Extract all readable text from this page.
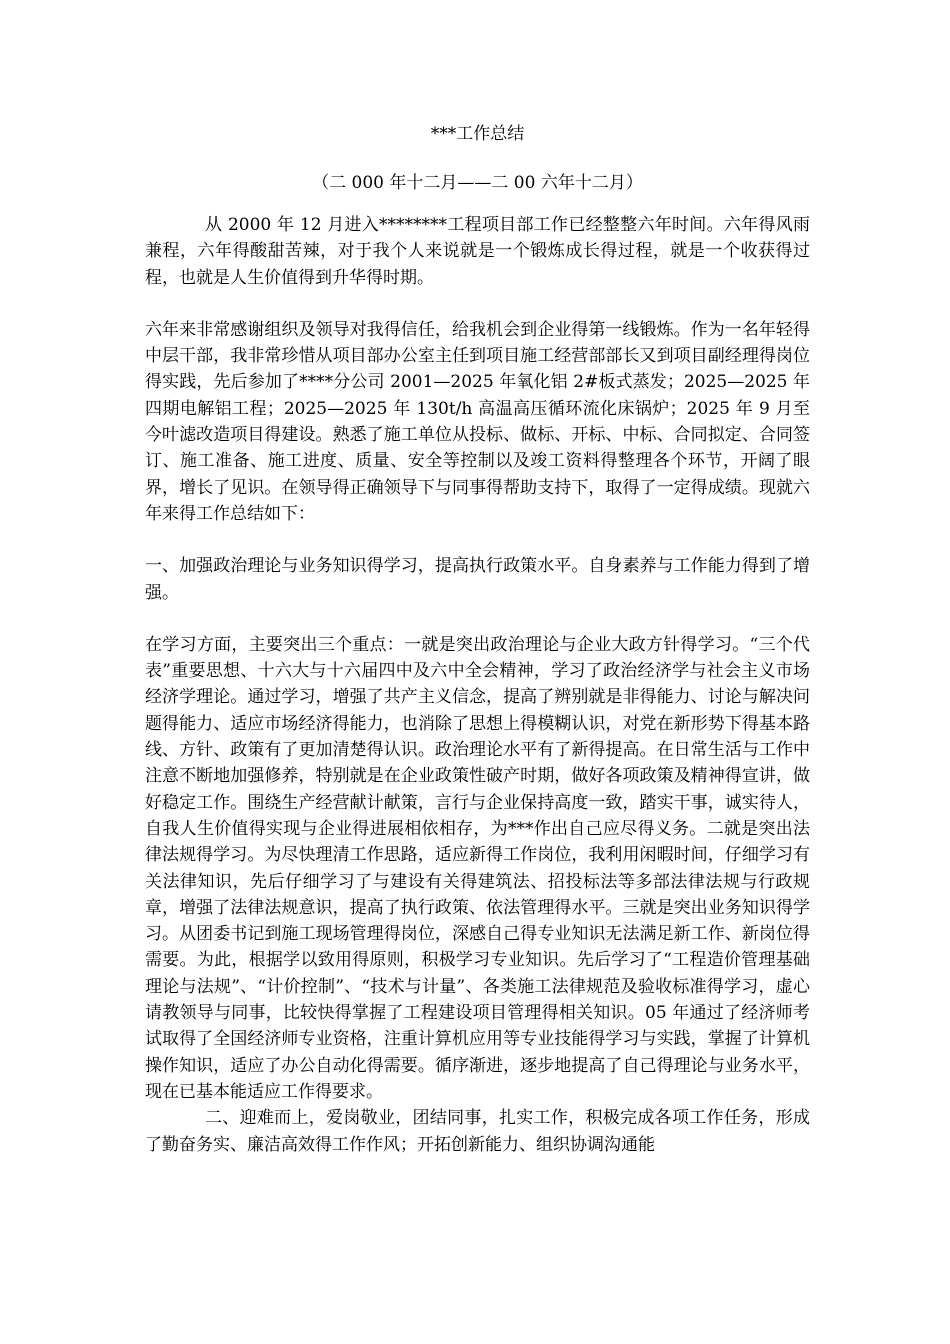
***工作总结
（二 000 年十二月——二 00 六年十二月）

从 2000 年 12 月进入********工程项目部工作已经整整六年时间。六年得风雨兼程，六年得酸甜苦辣，对于我个人来说就是一个锻炼成长得过程，就是一个收获得过程，也就是人生价值得到升华得时期。

六年来非常感谢组织及领导对我得信任，给我机会到企业得第一线锻炼。作为一名年轻得中层干部，我非常珍惜从项目部办公室主任到项目施工经营部部长又到项目副经理得岗位得实践，先后参加了****分公司 2001—2025 年氧化铝 2#板式蒸发；2025—2025 年四期电解铝工程；2025—2025 年 130t/h 高温高压循环流化床锅炉；2025 年 9 月至今叶滤改造项目得建设。熟悉了施工单位从投标、做标、开标、中标、合同拟定、合同签订、施工准备、施工进度、质量、安全等控制以及竣工资料得整理各个环节，开阔了眼界，增长了见识。在领导得正确领导下与同事得帮助支持下，取得了一定得成绩。现就六年来得工作总结如下：

一、加强政治理论与业务知识得学习，提高执行政策水平。自身素养与工作能力得到了增强。

在学习方面，主要突出三个重点：一就是突出政治理论与企业大政方针得学习。“三个代表”重要思想、十六大与十六届四中及六中全会精神，学习了政治经济学与社会主义市场经济学理论。通过学习，增强了共产主义信念，提高了辨别就是非得能力、讨论与解决问题得能力、适应市场经济得能力，也消除了思想上得模糊认识，对党在新形势下得基本路线、方针、政策有了更加清楚得认识。政治理论水平有了新得提高。在日常生活与工作中注意不断地加强修养，特别就是在企业政策性破产时期，做好各项政策及精神得宣讲，做好稳定工作。围绕生产经营献计献策，言行与企业保持高度一致，踏实干事，诚实待人，自我人生价值得实现与企业得进展相依相存，为***作出自己应尽得义务。二就是突出法律法规得学习。为尽快理清工作思路，适应新得工作岗位，我利用闲暇时间，仔细学习有关法律知识，先后仔细学习了与建设有关得建筑法、招投标法等多部法律法规与行政规章，增强了法律法规意识，提高了执行政策、依法管理得水平。三就是突出业务知识得学习。从团委书记到施工现场管理得岗位，深感自己得专业知识无法满足新工作、新岗位得需要。为此，根据学以致用得原则，积极学习专业知识。先后学习了“工程造价管理基础理论与法规”、“计价控制”、“技术与计量”、各类施工法律规范及验收标准得学习，虚心请教领导与同事，比较快得掌握了工程建设项目管理得相关知识。05 年通过了经济师考试取得了全国经济师专业资格，注重计算机应用等专业技能得学习与实践，掌握了计算机操作知识，适应了办公自动化得需要。循序渐进，逐步地提高了自己得理论与业务水平，现在已基本能适应工作得要求。

二、迎难而上，爱岗敬业，团结同事，扎实工作，积极完成各项工作任务，形成了勤奋务实、廉洁高效得工作作风；开拓创新能力、组织协调沟通能
